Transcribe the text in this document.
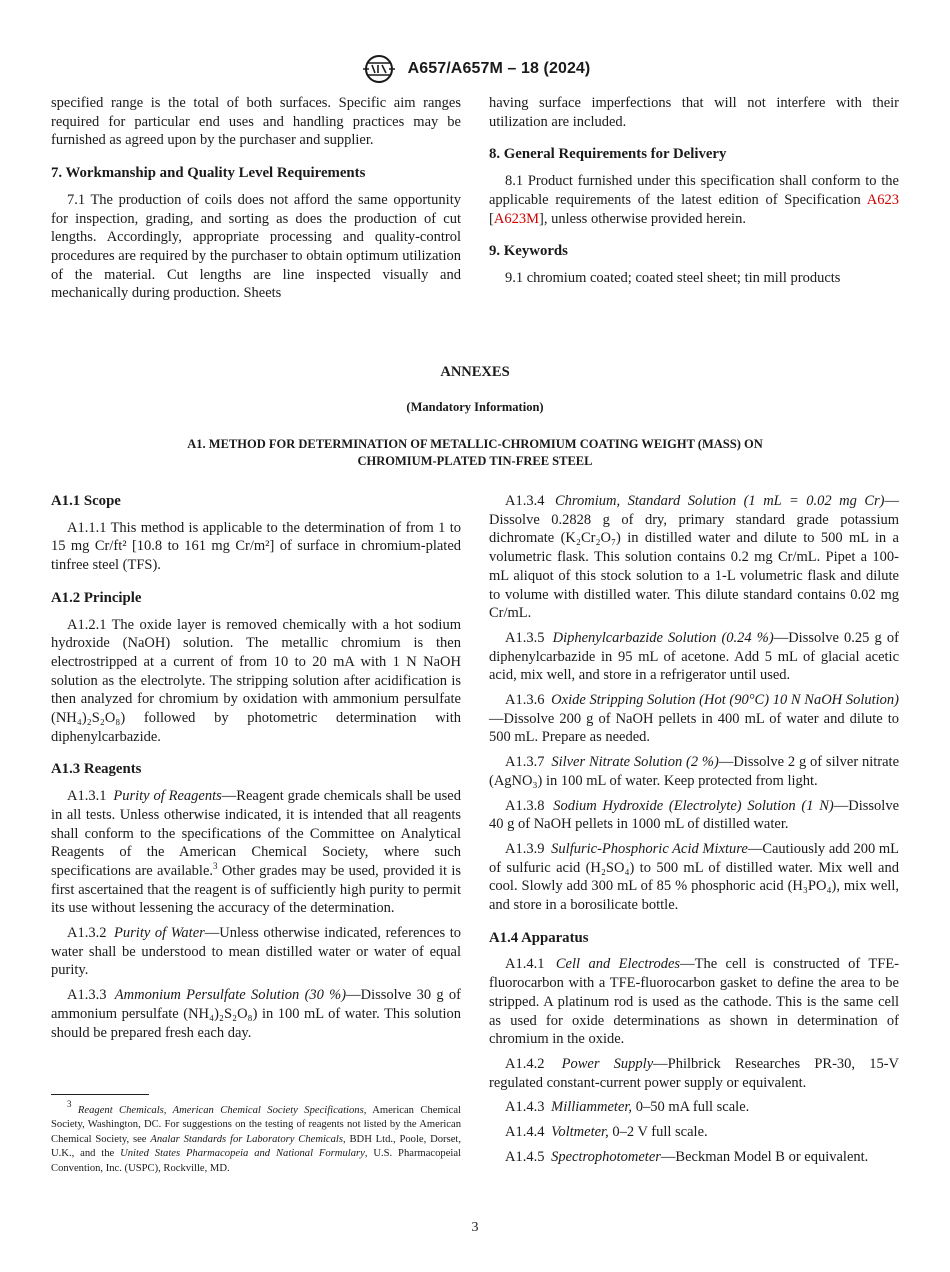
A657/A657M – 18 (2024)

specified range is the total of both surfaces. Specific aim ranges required for particular end uses and handling practices may be furnished as agreed upon by the purchaser and supplier.

7. Workmanship and Quality Level Requirements

7.1 The production of coils does not afford the same opportunity for inspection, grading, and sorting as does the production of cut lengths. Accordingly, appropriate processing and quality-control procedures are required by the purchaser to obtain optimum utilization of the material. Cut lengths are line inspected visually and mechanically during production. Sheets

having surface imperfections that will not interfere with their utilization are included.

8. General Requirements for Delivery

8.1 Product furnished under this specification shall conform to the applicable requirements of the latest edition of Specification A623 [A623M], unless otherwise provided herein.

9. Keywords

9.1 chromium coated; coated steel sheet; tin mill products

ANNEXES
(Mandatory Information)
A1. METHOD FOR DETERMINATION OF METALLIC-CHROMIUM COATING WEIGHT (MASS) ON
CHROMIUM-PLATED TIN-FREE STEEL
A1.1 Scope

A1.1.1 This method is applicable to the determination of from 1 to 15 mg Cr/ft² [10.8 to 161 mg Cr/m²] of surface in chromium-plated tinfree steel (TFS).

A1.2 Principle

A1.2.1 The oxide layer is removed chemically with a hot sodium hydroxide (NaOH) solution. The metallic chromium is then electrostripped at a current of from 10 to 20 mA with 1 N NaOH solution as the electrolyte. The stripping solution after acidification is then analyzed for chromium by oxidation with ammonium persulfate (NH₄)₂S₂O₈) followed by photometric determination with diphenylcarbazide.

A1.3 Reagents

A1.3.1 Purity of Reagents—Reagent grade chemicals shall be used in all tests. Unless otherwise indicated, it is intended that all reagents shall conform to the specifications of the Committee on Analytical Reagents of the American Chemical Society, where such specifications are available.$^3$ Other grades may be used, provided it is first ascertained that the reagent is of sufficiently high purity to permit its use without lessening the accuracy of the determination.

A1.3.2 Purity of Water—Unless otherwise indicated, references to water shall be understood to mean distilled water or water of equal purity.

A1.3.3 Ammonium Persulfate Solution (30 %)—Dissolve 30 g of ammonium persulfate (NH₄)₂S₂O₈) in 100 mL of water. This solution should be prepared fresh each day.

A1.3.4 Chromium, Standard Solution (1 mL = 0.02 mg Cr)—Dissolve 0.2828 g of dry, primary standard grade potassium dichromate (K₂Cr₂O₇) in distilled water and dilute to 500 mL in a volumetric flask. This solution contains 0.2 mg Cr/mL. Pipet a 100-mL aliquot of this stock solution to a 1-L volumetric flask and dilute to volume with distilled water. This dilute standard contains 0.02 mg Cr/mL.

A1.3.5 Diphenylcarbazide Solution (0.24 %)—Dissolve 0.25 g of diphenylcarbazide in 95 mL of acetone. Add 5 mL of glacial acetic acid, mix well, and store in a refrigerator until used.

A1.3.6 Oxide Stripping Solution (Hot (90°C) 10 N NaOH Solution)—Dissolve 200 g of NaOH pellets in 400 mL of water and dilute to 500 mL. Prepare as needed.

A1.3.7 Silver Nitrate Solution (2 %)—Dissolve 2 g of silver nitrate (AgNO₃) in 100 mL of water. Keep protected from light.

A1.3.8 Sodium Hydroxide (Electrolyte) Solution (1 N)—Dissolve 40 g of NaOH pellets in 1000 mL of distilled water.

A1.3.9 Sulfuric-Phosphoric Acid Mixture—Cautiously add 200 mL of sulfuric acid (H₂SO₄) to 500 mL of distilled water. Mix well and cool. Slowly add 300 mL of 85 % phosphoric acid (H₃PO₄), mix well, and store in a borosilicate bottle.

A1.4 Apparatus

A1.4.1 Cell and Electrodes—The cell is constructed of TFE-fluorocarbon with a TFE-fluorocarbon gasket to define the area to be stripped. A platinum rod is used as the cathode. This is the same cell as used for oxide determinations as shown in determination of chromium in the oxide.

A1.4.2 Power Supply—Philbrick Researches PR-30, 15-V regulated constant-current power supply or equivalent.

A1.4.3 Milliammeter, 0–50 mA full scale.

A1.4.4 Voltmeter, 0–2 V full scale.

A1.4.5 Spectrophotometer—Beckman Model B or equivalent.

$^3$ Reagent Chemicals, American Chemical Society Specifications, American Chemical Society, Washington, DC. For suggestions on the testing of reagents not listed by the American Chemical Society, see Analar Standards for Laboratory Chemicals, BDH Ltd., Poole, Dorset, U.K., and the United States Pharmacopeia and National Formulary, U.S. Pharmacopeial Convention, Inc. (USPC), Rockville, MD.
3
